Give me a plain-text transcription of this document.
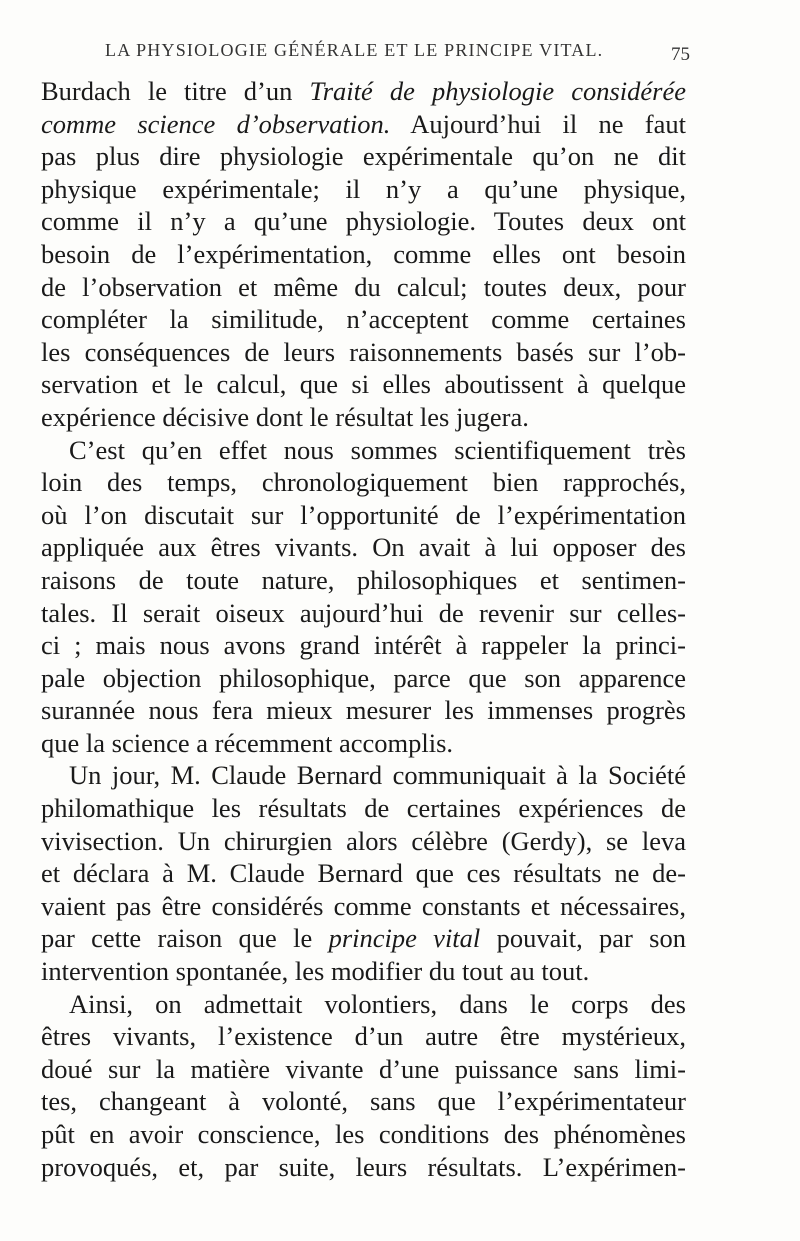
LA PHYSIOLOGIE GÉNÉRALE ET LE PRINCIPE VITAL.	75
Burdach le titre d’un Traité de physiologie considérée
comme science d’observation. Aujourd’hui il ne faut
pas plus dire physiologie expérimentale qu’on ne dit
physique expérimentale; il n’y a qu’une physique,
comme il n’y a qu’une physiologie. Toutes deux ont
besoin de l’expérimentation, comme elles ont besoin
de l’observation et même du calcul; toutes deux, pour
compléter la similitude, n’acceptent comme certaines
les conséquences de leurs raisonnements basés sur l’ob-
servation et le calcul, que si elles aboutissent à quelque
expérience décisive dont le résultat les jugera.
C’est qu’en effet nous sommes scientifiquement très
loin des temps, chronologiquement bien rapprochés,
où l’on discutait sur l’opportunité de l’expérimentation
appliquée aux êtres vivants. On avait à lui opposer des
raisons de toute nature, philosophiques et sentimen-
tales. Il serait oiseux aujourd’hui de revenir sur celles-
ci ; mais nous avons grand intérêt à rappeler la princi-
pale objection philosophique, parce que son apparence
surannée nous fera mieux mesurer les immenses progrès
que la science a récemment accomplis.
Un jour, M. Claude Bernard communiquait à la Société
philomathique les résultats de certaines expériences de
vivisection. Un chirurgien alors célèbre (Gerdy), se leva
et déclara à M. Claude Bernard que ces résultats ne de-
vaient pas être considérés comme constants et nécessaires,
par cette raison que le principe vital pouvait, par son
intervention spontanée, les modifier du tout au tout.
Ainsi, on admettait volontiers, dans le corps des
êtres vivants, l’existence d’un autre être mystérieux,
doué sur la matière vivante d’une puissance sans limi-
tes, changeant à volonté, sans que l’expérimentateur
pût en avoir conscience, les conditions des phénomènes
provoqués, et, par suite, leurs résultats. L’expérimen-
